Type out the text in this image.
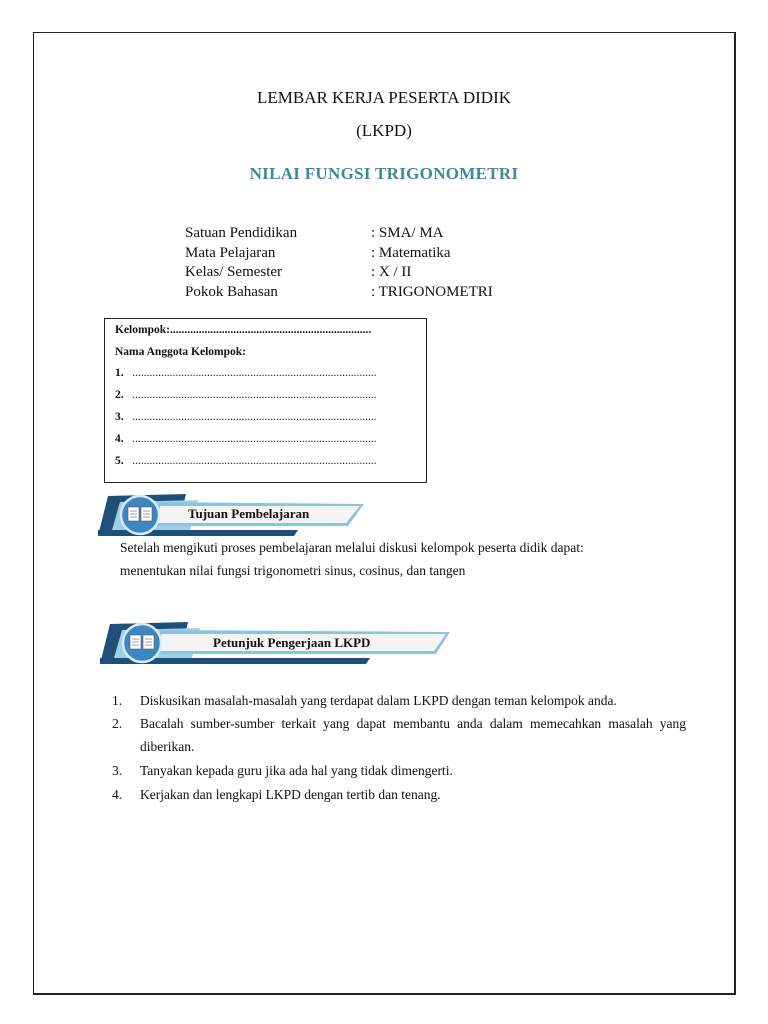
LEMBAR KERJA PESERTA DIDIK
(LKPD)
NILAI FUNGSI TRIGONOMETRI
Satuan Pendidikan	: SMA/ MA
Mata Pelajaran	: Matematika
Kelas/ Semester	: X / II
Pokok Bahasan	: TRIGONOMETRI
Kelompok:......................................................................
Nama Anggota Kelompok:
1. .....................................................................................
2. .....................................................................................
3. .....................................................................................
4. .....................................................................................
5. .....................................................................................
Tujuan Pembelajaran
Setelah mengikuti proses pembelajaran melalui diskusi kelompok peserta didik dapat:
menentukan nilai fungsi trigonometri sinus, cosinus, dan tangen
Petunjuk Pengerjaan LKPD
1. Diskusikan masalah-masalah yang terdapat dalam LKPD dengan teman kelompok anda.
2. Bacalah sumber-sumber terkait yang dapat membantu anda dalam memecahkan masalah yang diberikan.
3. Tanyakan kepada guru jika ada hal yang tidak dimengerti.
4. Kerjakan dan lengkapi LKPD dengan tertib dan tenang.
